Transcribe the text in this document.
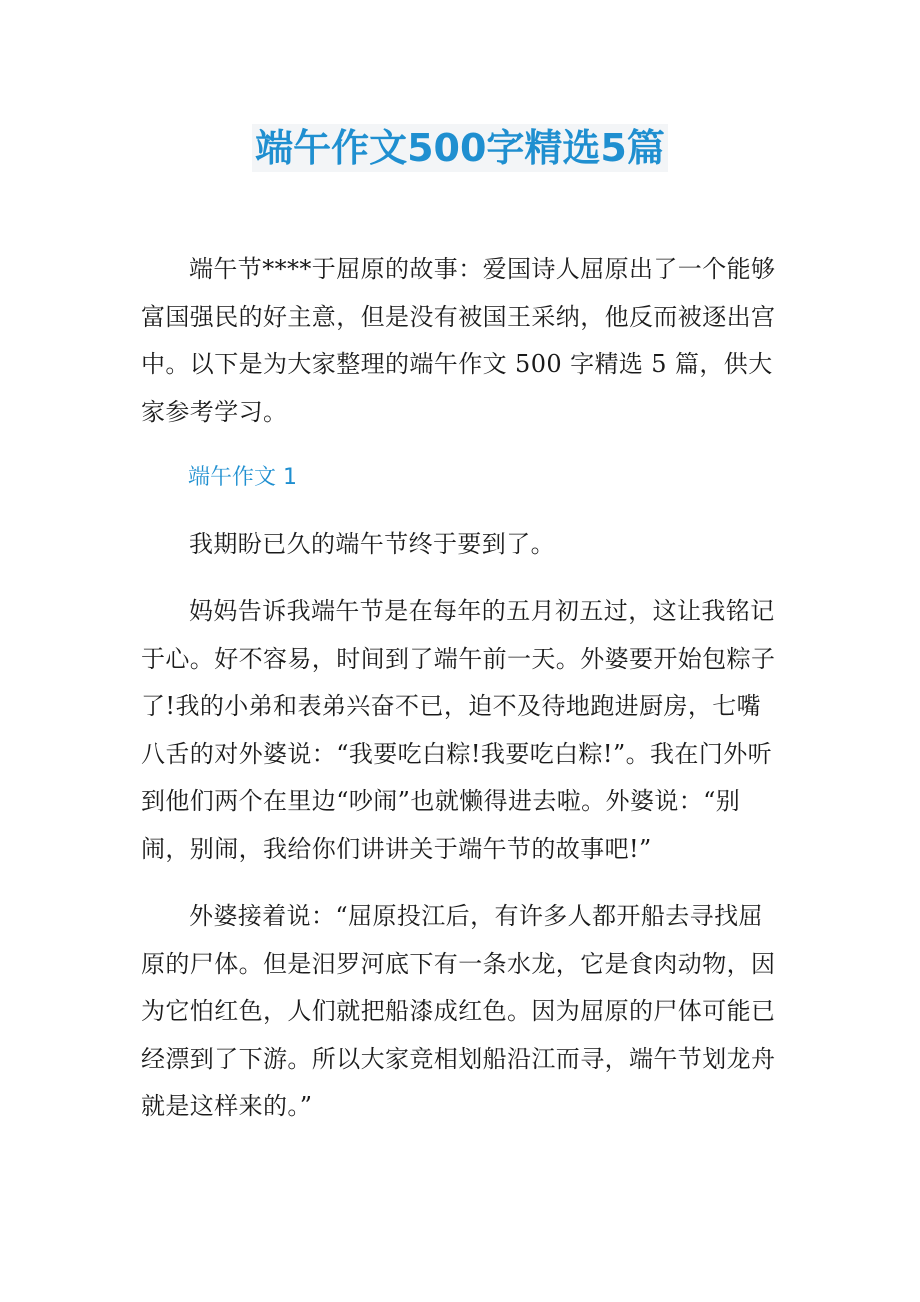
端午作文500字精选5篇

端午节****于屈原的故事：爱国诗人屈原出了一个能够富国强民的好主意，但是没有被国王采纳，他反而被逐出宫中。以下是为大家整理的端午作文 500 字精选 5 篇，供大家参考学习。

端午作文 1

我期盼已久的端午节终于要到了。

妈妈告诉我端午节是在每年的五月初五过，这让我铭记于心。好不容易，时间到了端午前一天。外婆要开始包粽子了!我的小弟和表弟兴奋不已，迫不及待地跑进厨房，七嘴八舌的对外婆说：“我要吃白粽!我要吃白粽!”。我在门外听到他们两个在里边“吵闹”也就懒得进去啦。外婆说：“别闹，别闹，我给你们讲讲关于端午节的故事吧!”

外婆接着说：“屈原投江后，有许多人都开船去寻找屈原的尸体。但是汨罗河底下有一条水龙，它是食肉动物，因为它怕红色，人们就把船漆成红色。因为屈原的尸体可能已经漂到了下游。所以大家竞相划船沿江而寻，端午节划龙舟就是这样来的。”
